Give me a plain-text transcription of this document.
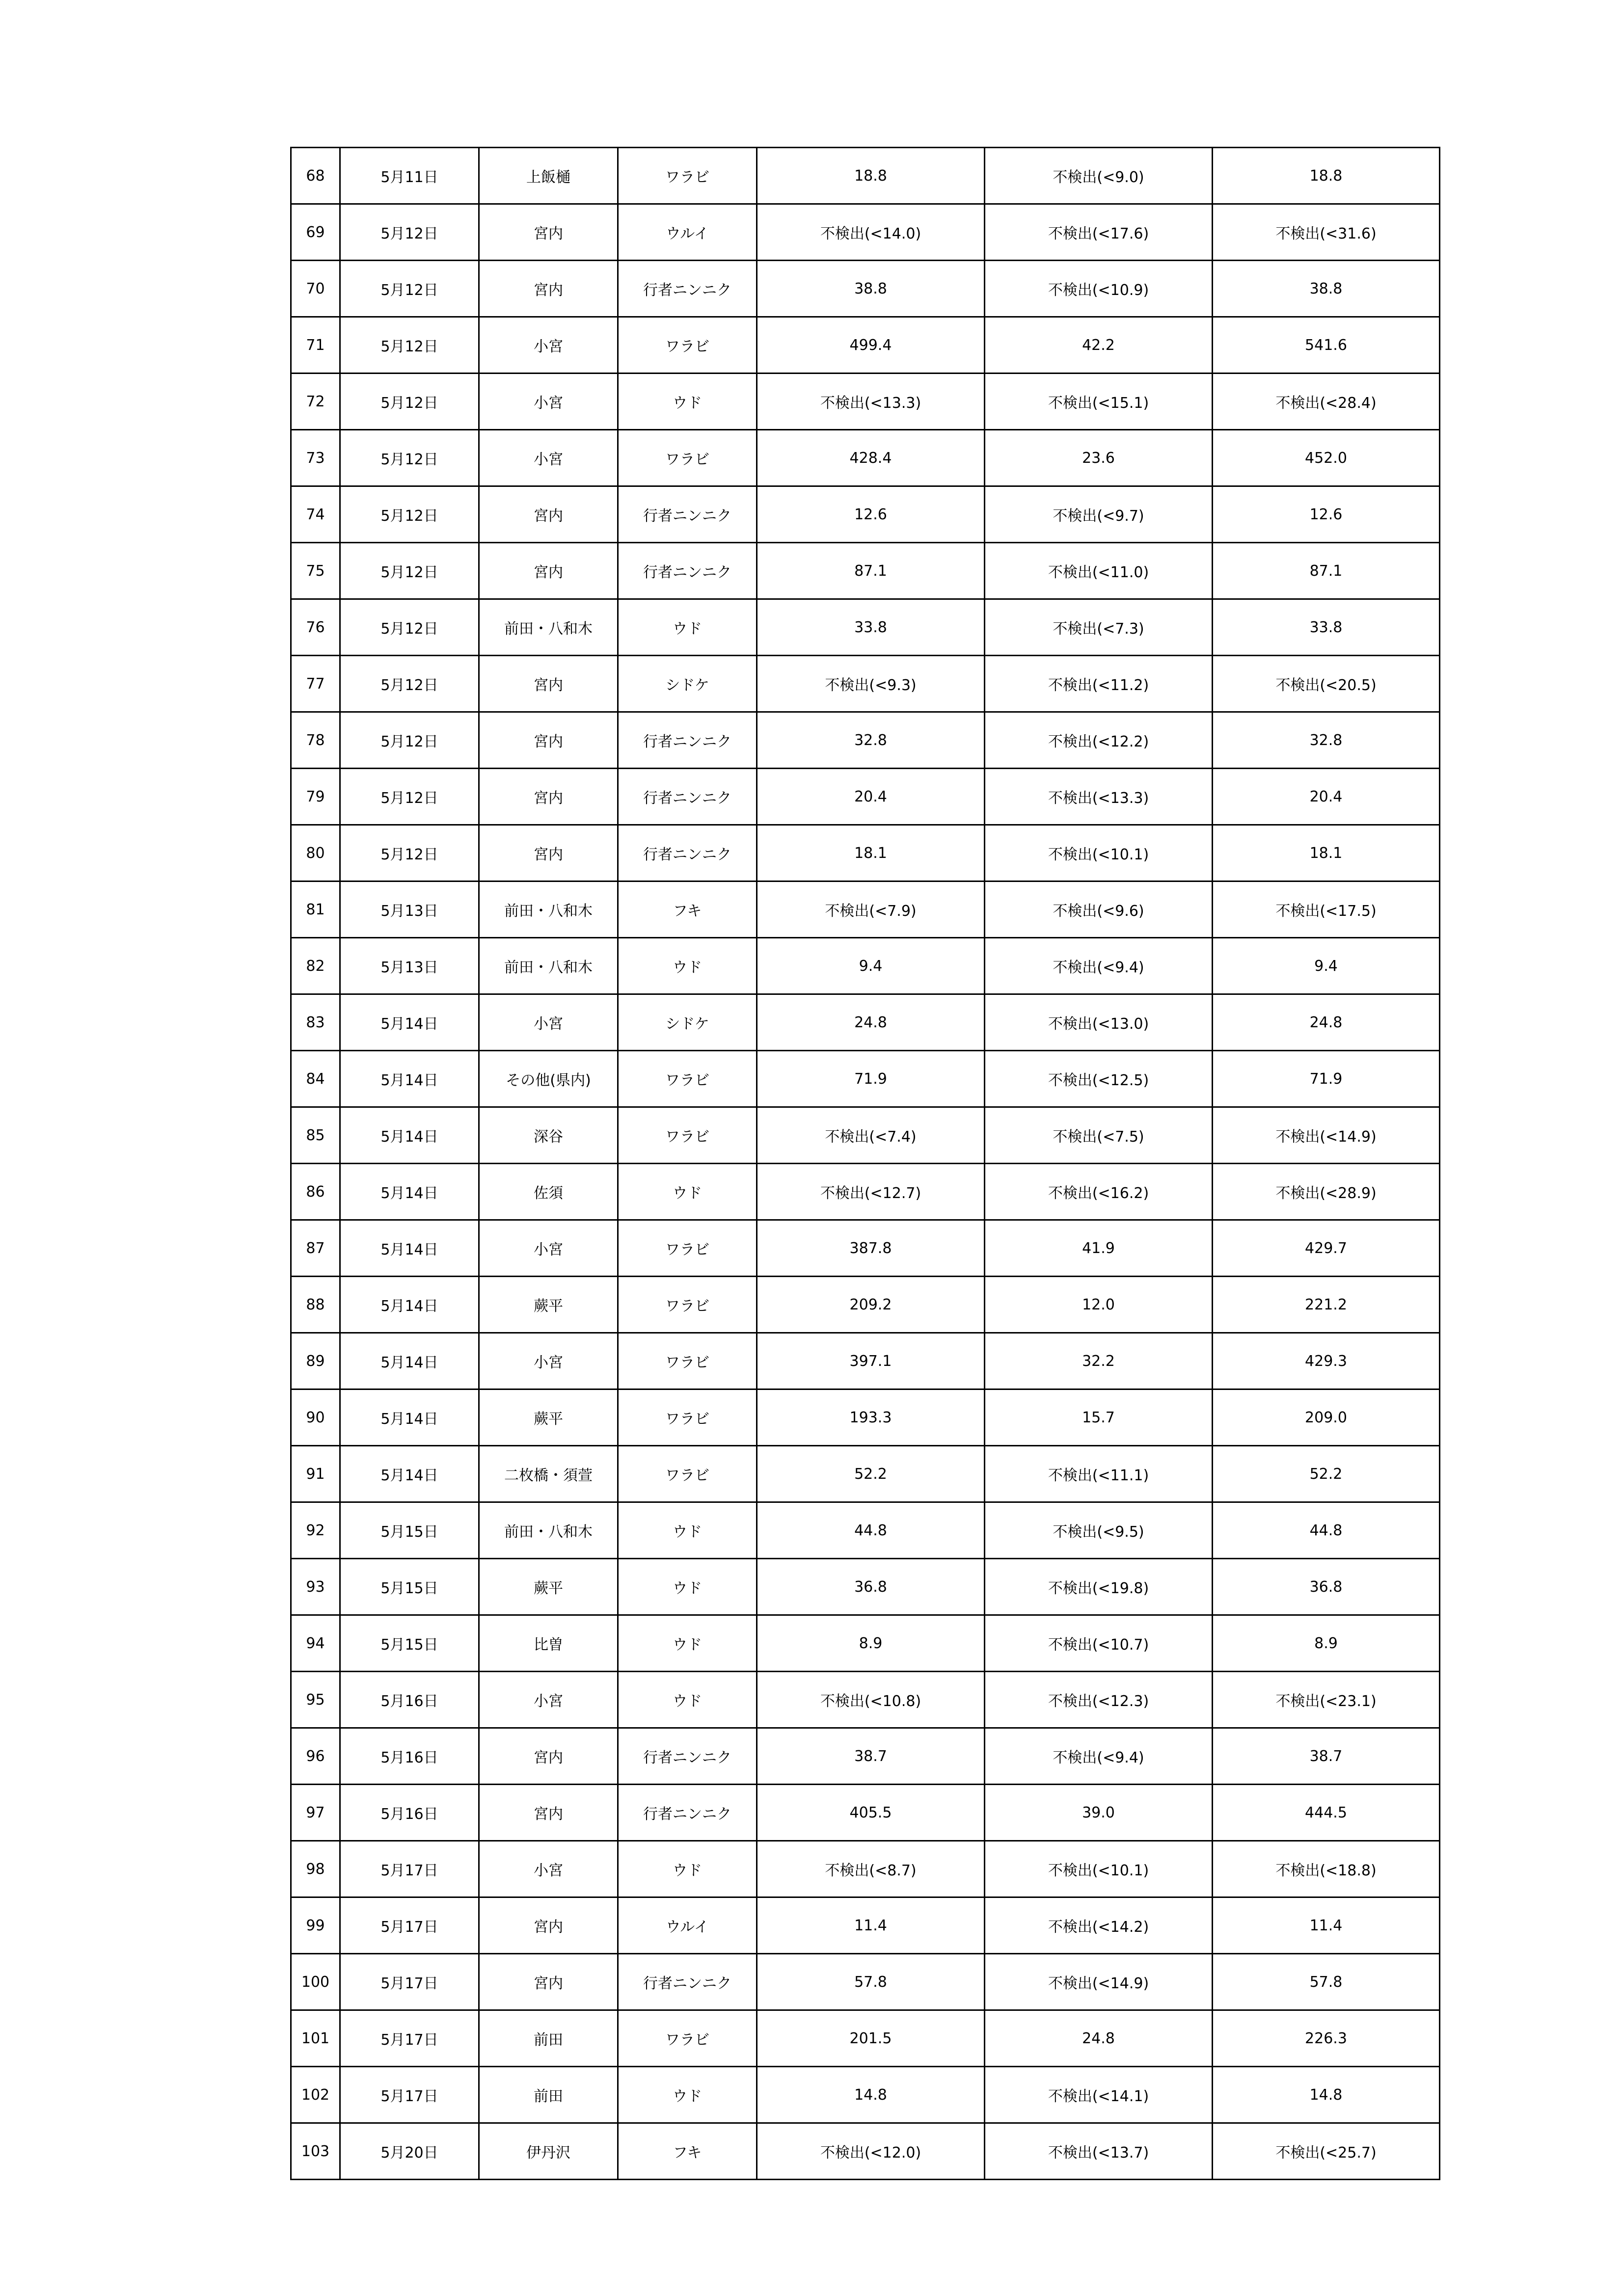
68	5月11日	上飯樋	ワラビ	18.8	不検出(<9.0)	18.8
69	5月12日	宮内	ウルイ	不検出(<14.0)	不検出(<17.6)	不検出(<31.6)
70	5月12日	宮内	行者ニンニク	38.8	不検出(<10.9)	38.8
71	5月12日	小宮	ワラビ	499.4	42.2	541.6
72	5月12日	小宮	ウド	不検出(<13.3)	不検出(<15.1)	不検出(<28.4)
73	5月12日	小宮	ワラビ	428.4	23.6	452.0
74	5月12日	宮内	行者ニンニク	12.6	不検出(<9.7)	12.6
75	5月12日	宮内	行者ニンニク	87.1	不検出(<11.0)	87.1
76	5月12日	前田・八和木	ウド	33.8	不検出(<7.3)	33.8
77	5月12日	宮内	シドケ	不検出(<9.3)	不検出(<11.2)	不検出(<20.5)
78	5月12日	宮内	行者ニンニク	32.8	不検出(<12.2)	32.8
79	5月12日	宮内	行者ニンニク	20.4	不検出(<13.3)	20.4
80	5月12日	宮内	行者ニンニク	18.1	不検出(<10.1)	18.1
81	5月13日	前田・八和木	フキ	不検出(<7.9)	不検出(<9.6)	不検出(<17.5)
82	5月13日	前田・八和木	ウド	9.4	不検出(<9.4)	9.4
83	5月14日	小宮	シドケ	24.8	不検出(<13.0)	24.8
84	5月14日	その他(県内)	ワラビ	71.9	不検出(<12.5)	71.9
85	5月14日	深谷	ワラビ	不検出(<7.4)	不検出(<7.5)	不検出(<14.9)
86	5月14日	佐須	ウド	不検出(<12.7)	不検出(<16.2)	不検出(<28.9)
87	5月14日	小宮	ワラビ	387.8	41.9	429.7
88	5月14日	蕨平	ワラビ	209.2	12.0	221.2
89	5月14日	小宮	ワラビ	397.1	32.2	429.3
90	5月14日	蕨平	ワラビ	193.3	15.7	209.0
91	5月14日	二枚橋・須萱	ワラビ	52.2	不検出(<11.1)	52.2
92	5月15日	前田・八和木	ウド	44.8	不検出(<9.5)	44.8
93	5月15日	蕨平	ウド	36.8	不検出(<19.8)	36.8
94	5月15日	比曽	ウド	8.9	不検出(<10.7)	8.9
95	5月16日	小宮	ウド	不検出(<10.8)	不検出(<12.3)	不検出(<23.1)
96	5月16日	宮内	行者ニンニク	38.7	不検出(<9.4)	38.7
97	5月16日	宮内	行者ニンニク	405.5	39.0	444.5
98	5月17日	小宮	ウド	不検出(<8.7)	不検出(<10.1)	不検出(<18.8)
99	5月17日	宮内	ウルイ	11.4	不検出(<14.2)	11.4
100	5月17日	宮内	行者ニンニク	57.8	不検出(<14.9)	57.8
101	5月17日	前田	ワラビ	201.5	24.8	226.3
102	5月17日	前田	ウド	14.8	不検出(<14.1)	14.8
103	5月20日	伊丹沢	フキ	不検出(<12.0)	不検出(<13.7)	不検出(<25.7)
